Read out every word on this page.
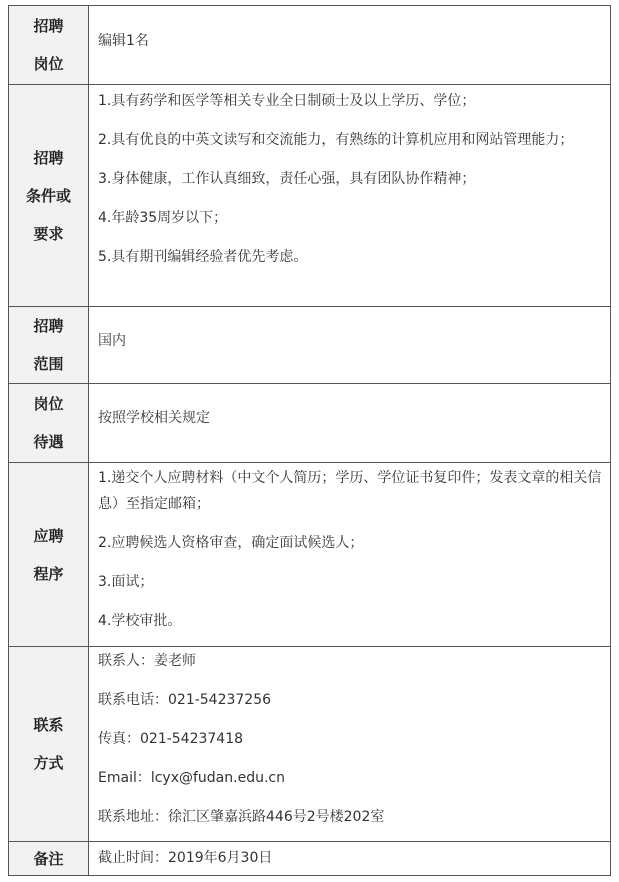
招聘
岗位	编辑1名

招聘
条件或
要求	1.具有药学和医学等相关专业全日制硕士及以上学历、学位；
2.具有优良的中英文读写和交流能力，有熟练的计算机应用和网站管理能力；
3.身体健康，工作认真细致，责任心强，具有团队协作精神；
4.年龄35周岁以下；
5.具有期刊编辑经验者优先考虑。

招聘
范围	国内

岗位
待遇	按照学校相关规定

应聘
程序	1.递交个人应聘材料（中文个人简历；学历、学位证书复印件；发表文章的相关信息）至指定邮箱；
2.应聘候选人资格审查，确定面试候选人；
3.面试；
4.学校审批。

联系
方式	联系人：姜老师
联系电话：021-54237256
传真：021-54237418
Email：lcyx@fudan.edu.cn
联系地址：徐汇区肇嘉浜路446号2号楼202室

备注	截止时间：2019年6月30日
